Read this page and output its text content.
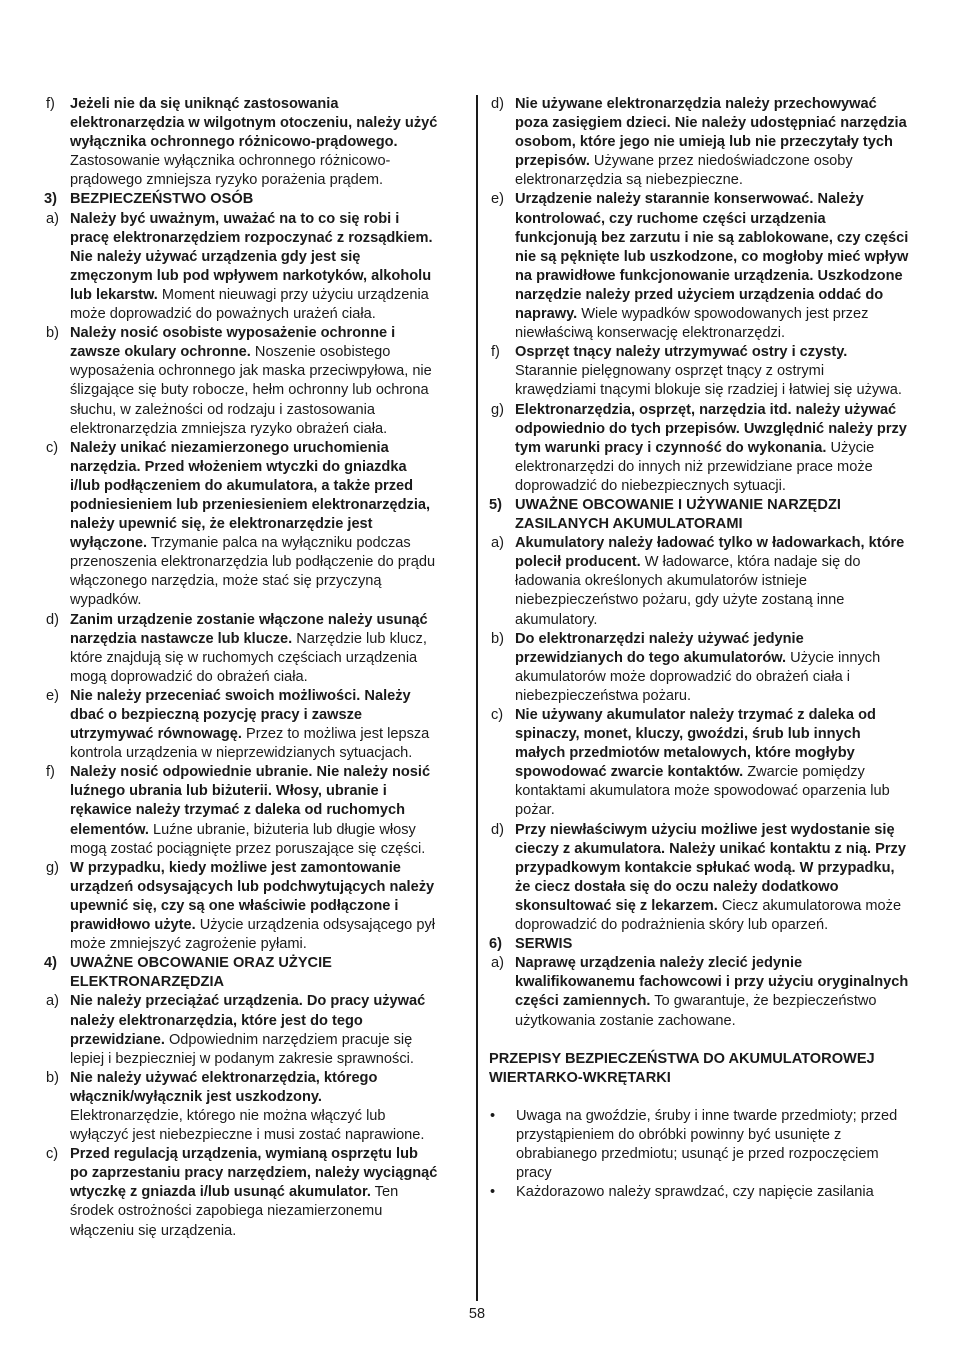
f) Jeżeli nie da się uniknąć zastosowania elektronarzędzia w wilgotnym otoczeniu, należy użyć wyłącznika ochronnego różnicowo-prądowego. Zastosowanie wyłącznika ochronnego różnicowo-prądowego zmniejsza ryzyko porażenia prądem.
3) BEZPIECZEŃSTWO OSÓB
a) Należy być uważnym, uważać na to co się robi i pracę elektronarzędziem rozpoczynać z rozsądkiem. Nie należy używać urządzenia gdy jest się zmęczonym lub pod wpływem narkotyków, alkoholu lub lekarstw. Moment nieuwagi przy użyciu urządzenia może doprowadzić do poważnych urażeń ciała.
b) Należy nosić osobiste wyposażenie ochronne i zawsze okulary ochronne. Noszenie osobistego wyposażenia ochronnego jak maska przeciwpyłowa, nie ślizgające się buty robocze, hełm ochronny lub ochrona słuchu, w zależności od rodzaju i zastosowania elektronarzędzia zmniejsza ryzyko obrażeń ciała.
c) Należy unikać niezamierzonego uruchomienia narzędzia. Przed włożeniem wtyczki do gniazdka i/lub podłączeniem do akumulatora, a także przed podniesieniem lub przeniesieniem elektronarzędzia, należy upewnić się, że elektronarzędzie jest wyłączone. Trzymanie palca na wyłączniku podczas przenoszenia elektronarzędzia lub podłączenie do prądu włączonego narzędzia, może stać się przyczyną wypadków.
d) Zanim urządzenie zostanie włączone należy usunąć narzędzia nastawcze lub klucze. Narzędzie lub klucz, które znajdują się w ruchomych częściach urządzenia mogą doprowadzić do obrażeń ciała.
e) Nie należy przeceniać swoich możliwości. Należy dbać o bezpieczną pozycję pracy i zawsze utrzymywać równowagę. Przez to możliwa jest lepsza kontrola urządzenia w nieprzewidzianych sytuacjach.
f) Należy nosić odpowiednie ubranie. Nie należy nosić luźnego ubrania lub biżuterii. Włosy, ubranie i rękawice należy trzymać z daleka od ruchomych elementów. Luźne ubranie, biżuteria lub długie włosy mogą zostać pociągnięte przez poruszające się części.
g) W przypadku, kiedy możliwe jest zamontowanie urządzeń odsysających lub podchwytujących należy upewnić się, czy są one właściwie podłączone i prawidłowo użyte. Użycie urządzenia odsysającego pył może zmniejszyć zagrożenie pyłami.
4) UWAŻNE OBCOWANIE ORAZ UŻYCIE ELEKTRONARZĘDZIA
a) Nie należy przeciążać urządzenia. Do pracy używać należy elektronarzędzia, które jest do tego przewidziane. Odpowiednim narzędziem pracuje się lepiej i bezpieczniej w podanym zakresie sprawności.
b) Nie należy używać elektronarzędzia, którego włącznik/wyłącznik jest uszkodzony. Elektronarzędzie, którego nie można włączyć lub wyłączyć jest niebezpieczne i musi zostać naprawione.
c) Przed regulacją urządzenia, wymianą osprzętu lub po zaprzestaniu pracy narzędziem, należy wyciągnąć wtyczkę z gniazda i/lub usunąć akumulator. Ten środek ostrożności zapobiega niezamierzonemu włączeniu się urządzenia.
d) Nie używane elektronarzędzia należy przechowywać poza zasięgiem dzieci. Nie należy udostępniać narzędzia osobom, które jego nie umieją lub nie przeczytały tych przepisów. Używane przez niedoświadczone osoby elektronarzędzia są niebezpieczne.
e) Urządzenie należy starannie konserwować. Należy kontrolować, czy ruchome części urządzenia funkcjonują bez zarzutu i nie są zablokowane, czy części nie są pęknięte lub uszkodzone, co mogłoby mieć wpływ na prawidłowe funkcjonowanie urządzenia. Uszkodzone narzędzie należy przed użyciem urządzenia oddać do naprawy. Wiele wypadków spowodowanych jest przez niewłaściwą konserwację elektronarzędzi.
f) Osprzęt tnący należy utrzymywać ostry i czysty. Starannie pielęgnowany osprzęt tnący z ostrymi krawędziami tnącymi blokuje się rzadziej i łatwiej się używa.
g) Elektronarzędzia, osprzęt, narzędzia itd. należy używać odpowiednio do tych przepisów. Uwzględnić należy przy tym warunki pracy i czynność do wykonania. Użycie elektronarzędzi do innych niż przewidziane prace może doprowadzić do niebezpiecznych sytuacji.
5) UWAŻNE OBCOWANIE I UŻYWANIE NARZĘDZI ZASILANYCH AKUMULATORAMI
a) Akumulatory należy ładować tylko w ładowarkach, które polecił producent. W ładowarce, która nadaje się do ładowania określonych akumulatorów istnieje niebezpieczeństwo pożaru, gdy użyte zostaną inne akumulatory.
b) Do elektronarzędzi należy używać jedynie przewidzianych do tego akumulatorów. Użycie innych akumulatorów może doprowadzić do obrażeń ciała i niebezpieczeństwa pożaru.
c) Nie używany akumulator należy trzymać z daleka od spinaczy, monet, kluczy, gwoździ, śrub lub innych małych przedmiotów metalowych, które mogłyby spowodować zwarcie kontaktów. Zwarcie pomiędzy kontaktami akumulatora może spowodować oparzenia lub pożar.
d) Przy niewłaściwym użyciu możliwe jest wydostanie się cieczy z akumulatora. Należy unikać kontaktu z nią. Przy przypadkowym kontakcie spłukać wodą. W przypadku, że ciecz dostała się do oczu należy dodatkowo skonsultować się z lekarzem. Ciecz akumulatorowa może doprowadzić do podrażnienia skóry lub oparzeń.
6) SERWIS
a) Naprawę urządzenia należy zlecić jedynie kwalifikowanemu fachowcowi i przy użyciu oryginalnych części zamiennych. To gwarantuje, że bezpieczeństwo użytkowania zostanie zachowane.
PRZEPISY BEZPIECZEŃSTWA DO AKUMULATOROWEJ WIERTARKO-WKRĘTARKI
• Uwaga na gwoździe, śruby i inne twarde przedmioty; przed przystąpieniem do obróbki powinny być usunięte z obrabianego przedmiotu; usunąć je przed rozpoczęciem pracy
• Każdorazowo należy sprawdzać, czy napięcie zasilania
58
